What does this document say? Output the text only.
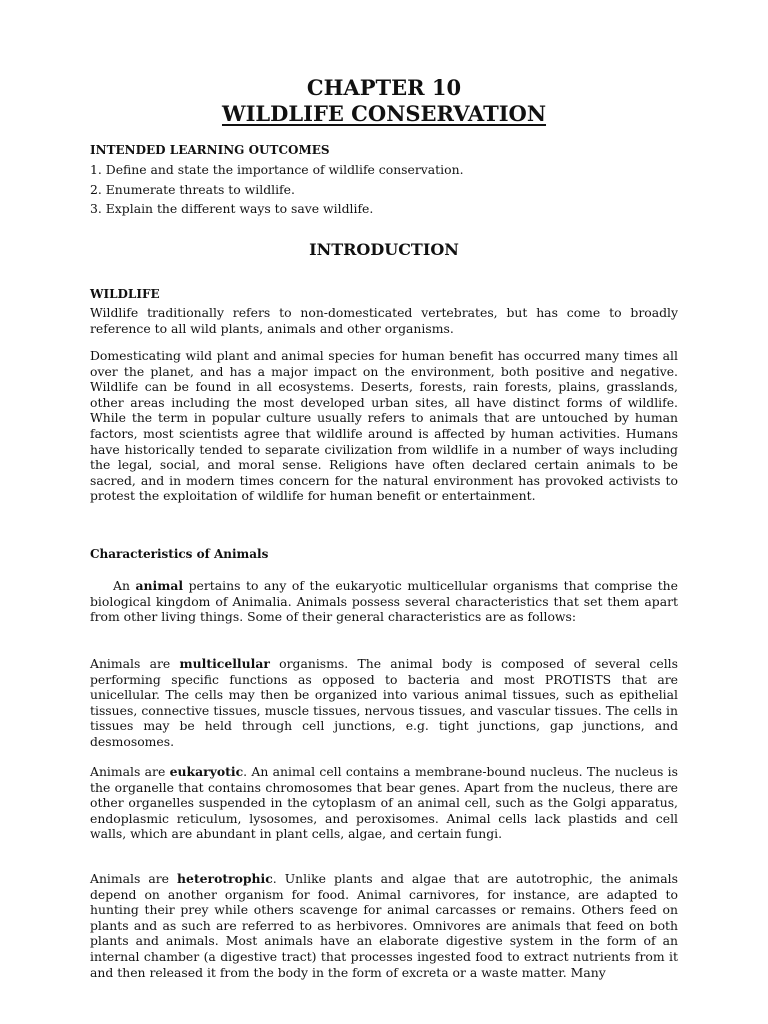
CHAPTER 10
WILDLIFE CONSERVATION

INTENDED LEARNING OUTCOMES

1. Define and state the importance of wildlife conservation.
2. Enumerate threats to wildlife.
3. Explain the different ways to save wildlife.
INTRODUCTION

WILDLIFE

Wildlife traditionally refers to non-domesticated vertebrates, but has come to broadly reference to all wild plants, animals and other organisms.

Domesticating wild plant and animal species for human benefit has occurred many times all over the planet, and has a major impact on the environment, both positive and negative. Wildlife can be found in all ecosystems. Deserts, forests, rain forests, plains, grasslands, other areas including the most developed urban sites, all have distinct forms of wildlife. While the term in popular culture usually refers to animals that are untouched by human factors, most scientists agree that wildlife around is affected by human activities. Humans have historically tended to separate civilization from wildlife in a number of ways including the legal, social, and moral sense. Religions have often declared certain animals to be sacred, and in modern times concern for the natural environment has provoked activists to protest the exploitation of wildlife for human benefit or entertainment.

Characteristics of Animals

An animal pertains to any of the eukaryotic multicellular organisms that comprise the biological kingdom of Animalia. Animals possess several characteristics that set them apart from other living things. Some of their general characteristics are as follows:

Animals are multicellular organisms. The animal body is composed of several cells performing specific functions as opposed to bacteria and most PROTISTS that are unicellular. The cells may then be organized into various animal tissues, such as epithelial tissues, connective tissues, muscle tissues, nervous tissues, and vascular tissues. The cells in tissues may be held through cell junctions, e.g. tight junctions, gap junctions, and desmosomes.

Animals are eukaryotic. An animal cell contains a membrane-bound nucleus. The nucleus is the organelle that contains chromosomes that bear genes. Apart from the nucleus, there are other organelles suspended in the cytoplasm of an animal cell, such as the Golgi apparatus, endoplasmic reticulum, lysosomes, and peroxisomes. Animal cells lack plastids and cell walls, which are abundant in plant cells, algae, and certain fungi.

Animals are heterotrophic. Unlike plants and algae that are autotrophic, the animals depend on another organism for food. Animal carnivores, for instance, are adapted to hunting their prey while others scavenge for animal carcasses or remains. Others feed on plants and as such are referred to as herbivores. Omnivores are animals that feed on both plants and animals. Most animals have an elaborate digestive system in the form of an internal chamber (a digestive tract) that processes ingested food to extract nutrients from it and then released it from the body in the form of excreta or a waste matter. Many
